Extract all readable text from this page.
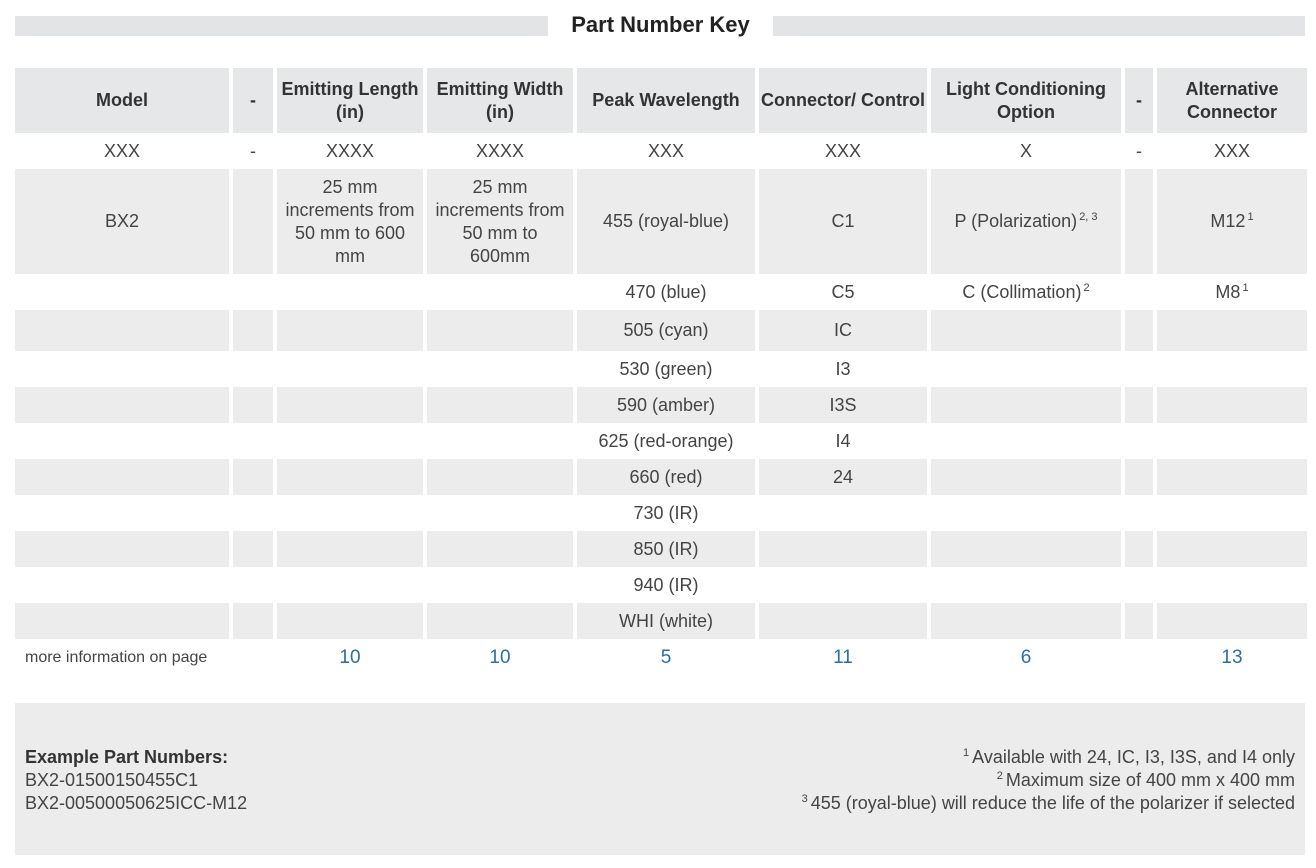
Part Number Key
Model	-	Emitting Length (in)	Emitting Width (in)	Peak Wavelength	Connector/ Control	Light Conditioning Option	-	Alternative Connector
XXX	-	XXXX	XXXX	XXX	XXX	X	-	XXX
BX2		25 mm increments from 50 mm to 600 mm	25 mm increments from 50 mm to 600mm	455 (royal-blue)	C1	P (Polarization) $^{2, 3}$		M12 $^1$
				470 (blue)	C5	C (Collimation) $^2$		M8 $^1$
				505 (cyan)	IC			
				530 (green)	I3			
				590 (amber)	I3S			
				625 (red-orange)	I4			
				660 (red)	24			
				730 (IR)				
				850 (IR)				
				940 (IR)				
				WHI (white)				
more information on page		10	10	5	11	6		13
Example Part Numbers:
BX2-01500150455C1
BX2-00500050625ICC-M12
$^1$ Available with 24, IC, I3, I3S, and I4 only
$^2$ Maximum size of 400 mm x 400 mm
$^3$ 455 (royal-blue) will reduce the life of the polarizer if selected
